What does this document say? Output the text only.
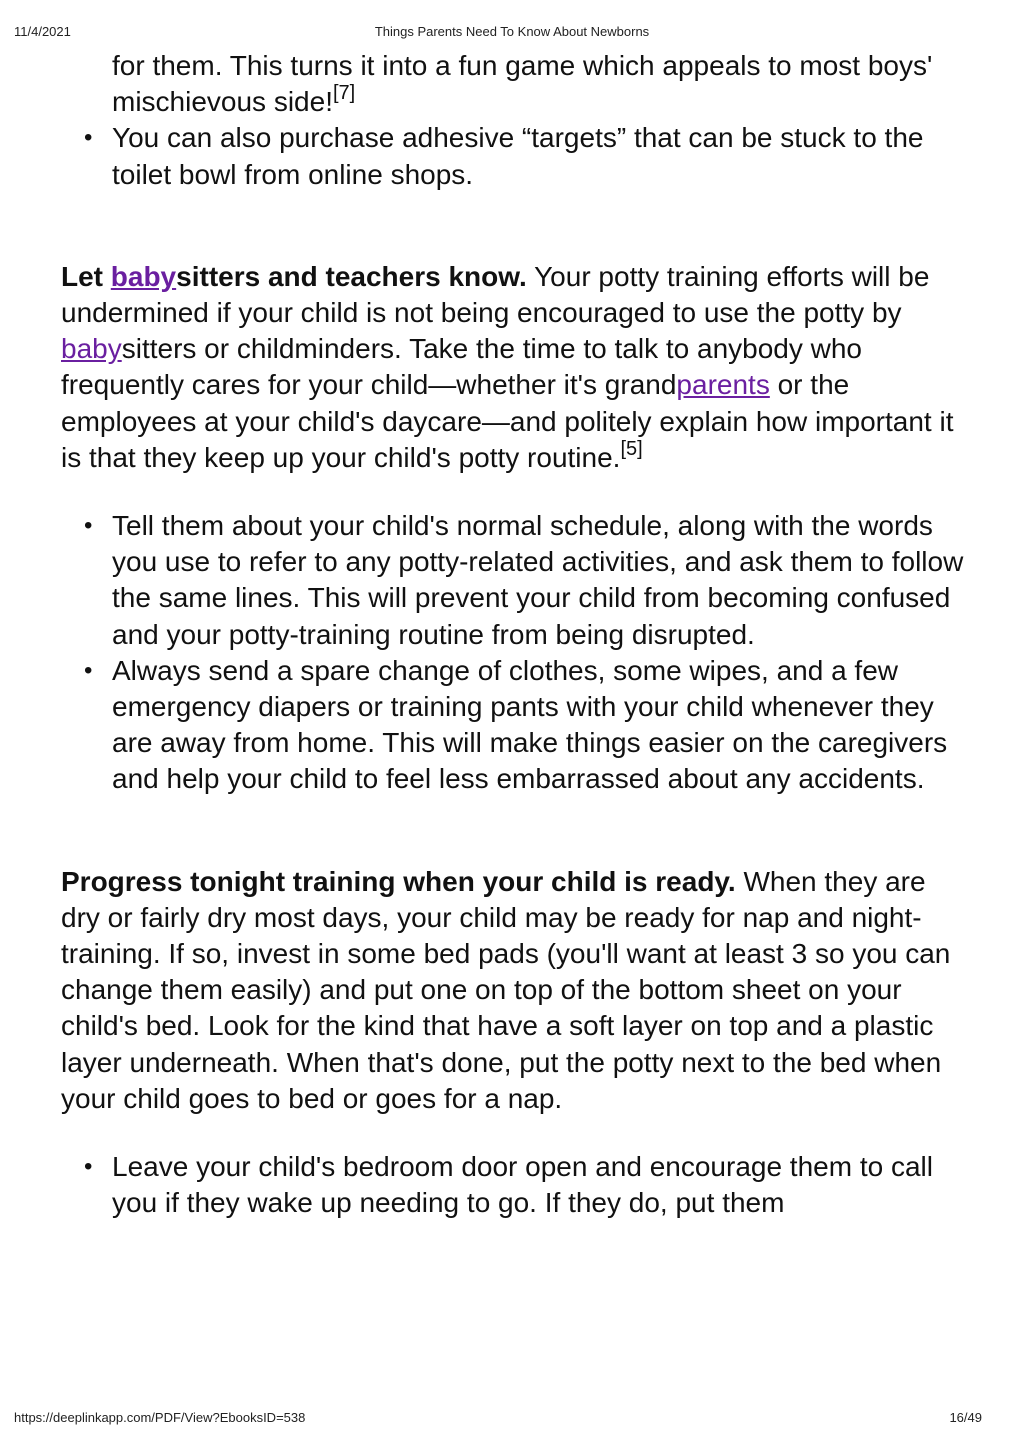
11/4/2021	Things Parents Need To Know About Newborns
for them. This turns it into a fun game which appeals to most boys' mischievous side![7]
• You can also purchase adhesive “targets” that can be stuck to the toilet bowl from online shops.

Let babysitters and teachers know. Your potty training efforts will be undermined if your child is not being encouraged to use the potty by babysitters or childminders. Take the time to talk to anybody who frequently cares for your child—whether it's grandparents or the employees at your child's daycare—and politely explain how important it is that they keep up your child's potty routine.[5]

• Tell them about your child's normal schedule, along with the words you use to refer to any potty-related activities, and ask them to follow the same lines. This will prevent your child from becoming confused and your potty-training routine from being disrupted.
• Always send a spare change of clothes, some wipes, and a few emergency diapers or training pants with your child whenever they are away from home. This will make things easier on the caregivers and help your child to feel less embarrassed about any accidents.

Progress tonight training when your child is ready. When they are dry or fairly dry most days, your child may be ready for nap and night-training. If so, invest in some bed pads (you'll want at least 3 so you can change them easily) and put one on top of the bottom sheet on your child's bed. Look for the kind that have a soft layer on top and a plastic layer underneath. When that's done, put the potty next to the bed when your child goes to bed or goes for a nap.

• Leave your child's bedroom door open and encourage them to call you if they wake up needing to go. If they do, put them
https://deeplinkapp.com/PDF/View?EbooksID=538	16/49
